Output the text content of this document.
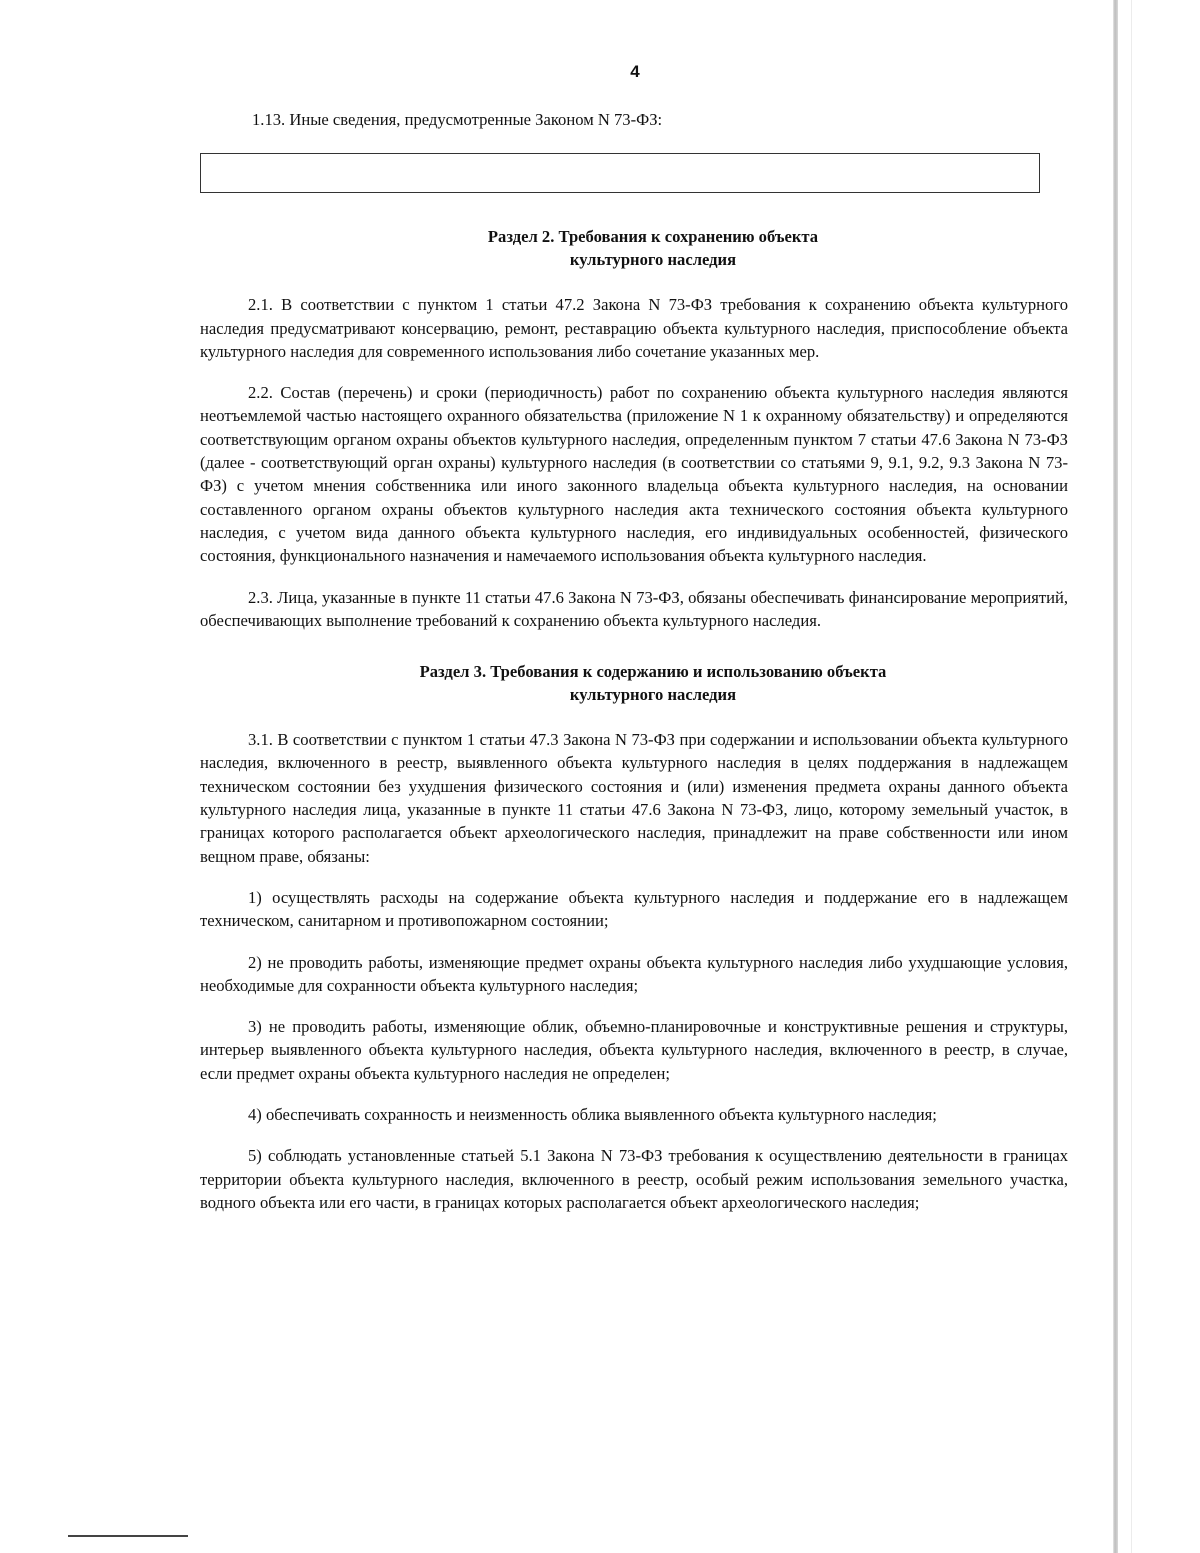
4

1.13. Иные сведения, предусмотренные Законом N 73-ФЗ:

Раздел 2. Требования к сохранению объекта
культурного наследия

2.1. В соответствии с пунктом 1 статьи 47.2 Закона N 73-ФЗ требования к сохранению объекта культурного наследия предусматривают консервацию, ремонт, реставрацию объекта культурного наследия, приспособление объекта культурного наследия для современного использования либо сочетание указанных мер.

2.2. Состав (перечень) и сроки (периодичность) работ по сохранению объекта культурного наследия являются неотъемлемой частью настоящего охранного обязательства (приложение N 1 к охранному обязательству) и определяются соответствующим органом охраны объектов культурного наследия, определенным пунктом 7 статьи 47.6 Закона N 73-ФЗ (далее - соответствующий орган охраны) культурного наследия (в соответствии со статьями 9, 9.1, 9.2, 9.3 Закона N 73-ФЗ) с учетом мнения собственника или иного законного владельца объекта культурного наследия, на основании составленного органом охраны объектов культурного наследия акта технического состояния объекта культурного наследия, с учетом вида данного объекта культурного наследия, его индивидуальных особенностей, физического состояния, функционального назначения и намечаемого использования объекта культурного наследия.

2.3. Лица, указанные в пункте 11 статьи 47.6 Закона N 73-ФЗ, обязаны обеспечивать финансирование мероприятий, обеспечивающих выполнение требований к сохранению объекта культурного наследия.

Раздел 3. Требования к содержанию и использованию объекта
культурного наследия

3.1. В соответствии с пунктом 1 статьи 47.3 Закона N 73-ФЗ при содержании и использовании объекта культурного наследия, включенного в реестр, выявленного объекта культурного наследия в целях поддержания в надлежащем техническом состоянии без ухудшения физического состояния и (или) изменения предмета охраны данного объекта культурного наследия лица, указанные в пункте 11 статьи 47.6 Закона N 73-ФЗ, лицо, которому земельный участок, в границах которого располагается объект археологического наследия, принадлежит на праве собственности или ином вещном праве, обязаны:

1) осуществлять расходы на содержание объекта культурного наследия и поддержание его в надлежащем техническом, санитарном и противопожарном состоянии;

2) не проводить работы, изменяющие предмет охраны объекта культурного наследия либо ухудшающие условия, необходимые для сохранности объекта культурного наследия;

3) не проводить работы, изменяющие облик, объемно-планировочные и конструктивные решения и структуры, интерьер выявленного объекта культурного наследия, объекта культурного наследия, включенного в реестр, в случае, если предмет охраны объекта культурного наследия не определен;

4) обеспечивать сохранность и неизменность облика выявленного объекта культурного наследия;

5) соблюдать установленные статьей 5.1 Закона N 73-ФЗ требования к осуществлению деятельности в границах территории объекта культурного наследия, включенного в реестр, особый режим использования земельного участка, водного объекта или его части, в границах которых располагается объект археологического наследия;
